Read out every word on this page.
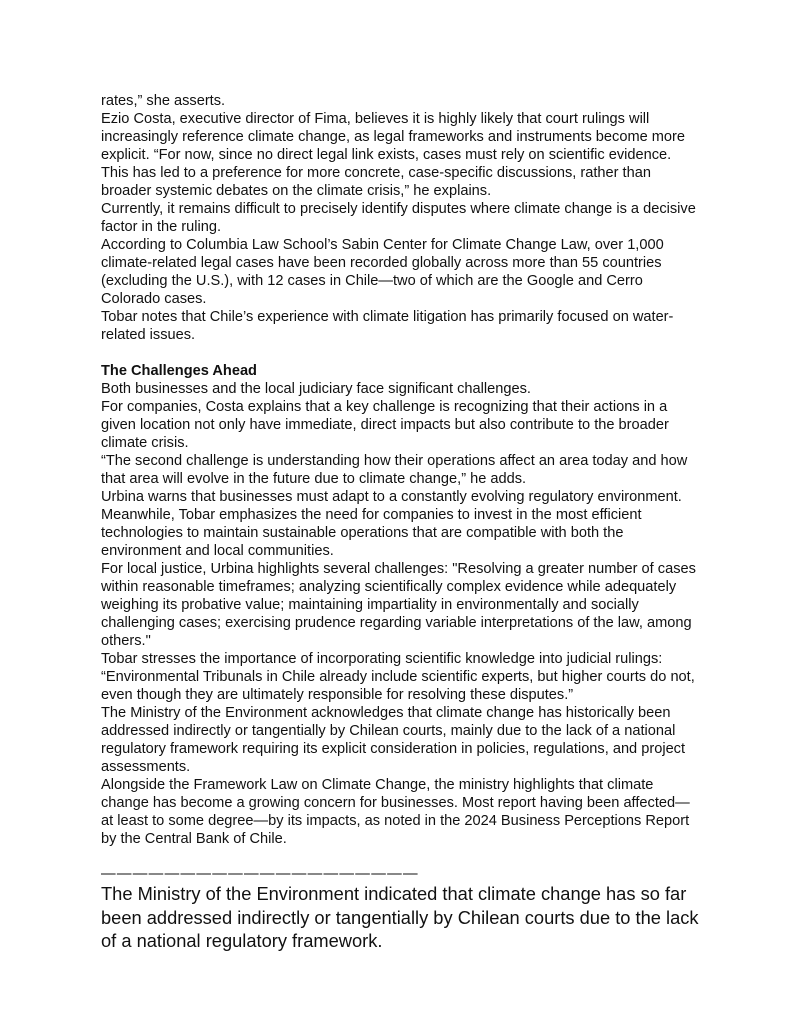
rates,” she asserts.

Ezio Costa, executive director of Fima, believes it is highly likely that court rulings will increasingly reference climate change, as legal frameworks and instruments become more explicit. “For now, since no direct legal link exists, cases must rely on scientific evidence. This has led to a preference for more concrete, case-specific discussions, rather than broader systemic debates on the climate crisis,” he explains.

Currently, it remains difficult to precisely identify disputes where climate change is a decisive factor in the ruling.

According to Columbia Law School’s Sabin Center for Climate Change Law, over 1,000 climate-related legal cases have been recorded globally across more than 55 countries (excluding the U.S.), with 12 cases in Chile—two of which are the Google and Cerro Colorado cases.

Tobar notes that Chile’s experience with climate litigation has primarily focused on water-related issues.

The Challenges Ahead

Both businesses and the local judiciary face significant challenges.

For companies, Costa explains that a key challenge is recognizing that their actions in a given location not only have immediate, direct impacts but also contribute to the broader climate crisis.

“The second challenge is understanding how their operations affect an area today and how that area will evolve in the future due to climate change,” he adds.

Urbina warns that businesses must adapt to a constantly evolving regulatory environment. Meanwhile, Tobar emphasizes the need for companies to invest in the most efficient technologies to maintain sustainable operations that are compatible with both the environment and local communities.

For local justice, Urbina highlights several challenges: "Resolving a greater number of cases within reasonable timeframes; analyzing scientifically complex evidence while adequately weighing its probative value; maintaining impartiality in environmentally and socially challenging cases; exercising prudence regarding variable interpretations of the law, among others."

Tobar stresses the importance of incorporating scientific knowledge into judicial rulings: “Environmental Tribunals in Chile already include scientific experts, but higher courts do not, even though they are ultimately responsible for resolving these disputes.”

The Ministry of the Environment acknowledges that climate change has historically been addressed indirectly or tangentially by Chilean courts, mainly due to the lack of a national regulatory framework requiring its explicit consideration in policies, regulations, and project assessments.

Alongside the Framework Law on Climate Change, the ministry highlights that climate change has become a growing concern for businesses. Most report having been affected—at least to some degree—by its impacts, as noted in the 2024 Business Perceptions Report by the Central Bank of Chile.

————————————————————

The Ministry of the Environment indicated that climate change has so far been addressed indirectly or tangentially by Chilean courts due to the lack of a national regulatory framework.
